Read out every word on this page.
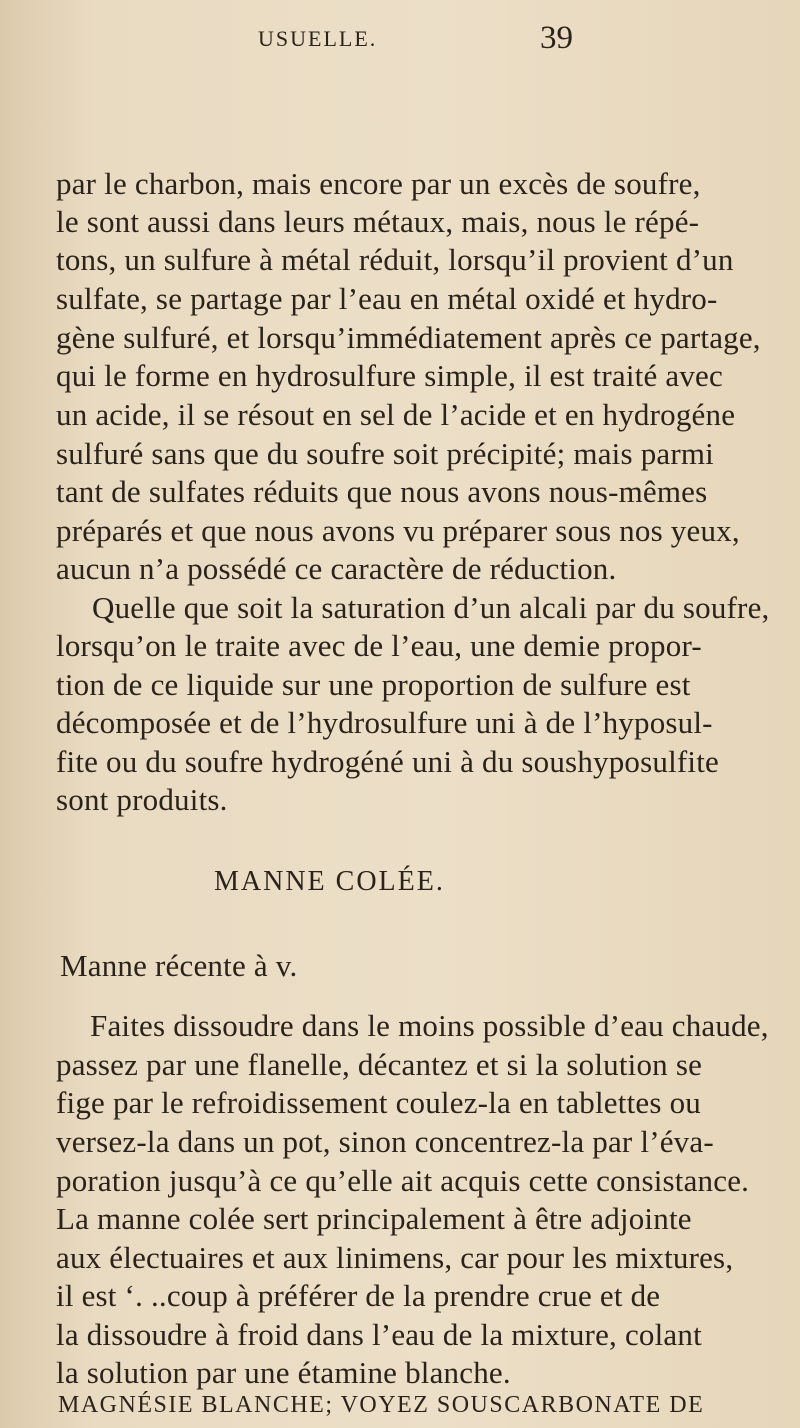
USUELLE.	39
par le charbon, mais encore par un excès de soufre,
le sont aussi dans leurs métaux, mais, nous le répé-
tons, un sulfure à métal réduit, lorsqu’il provient d’un
sulfate, se partage par l’eau en métal oxidé et hydro-
gène sulfuré, et lorsqu’immédiatement après ce partage,
qui le forme en hydrosulfure simple, il est traité avec
un acide, il se résout en sel de l’acide et en hydrogéne
sulfuré sans que du soufre soit précipité; mais parmi
tant de sulfates réduits que nous avons nous-mêmes
préparés et que nous avons vu préparer sous nos yeux,
aucun n’a possédé ce caractère de réduction.
Quelle que soit la saturation d’un alcali par du soufre,
lorsqu’on le traite avec de l’eau, une demie propor-
tion de ce liquide sur une proportion de sulfure est
décomposée et de l’hydrosulfure uni à de l’hyposul-
fite ou du soufre hydrogéné uni à du soushyposulfite
sont produits.
MANNE COLÉE.
Manne récente à v.
Faites dissoudre dans le moins possible d’eau chaude,
passez par une flanelle, décantez et si la solution se
fige par le refroidissement coulez-la en tablettes ou
versez-la dans un pot, sinon concentrez-la par l’éva-
poration jusqu’à ce qu’elle ait acquis cette consistance.
La manne colée sert principalement à être adjointe
aux électuaires et aux linimens, car pour les mixtures,
il est ‘. ..coup à préférer de la prendre crue et de
la dissoudre à froid dans l’eau de la mixture, colant
la solution par une étamine blanche.
MAGNÉSIE BLANCHE; VOYEZ SOUSCARBONATE DE
